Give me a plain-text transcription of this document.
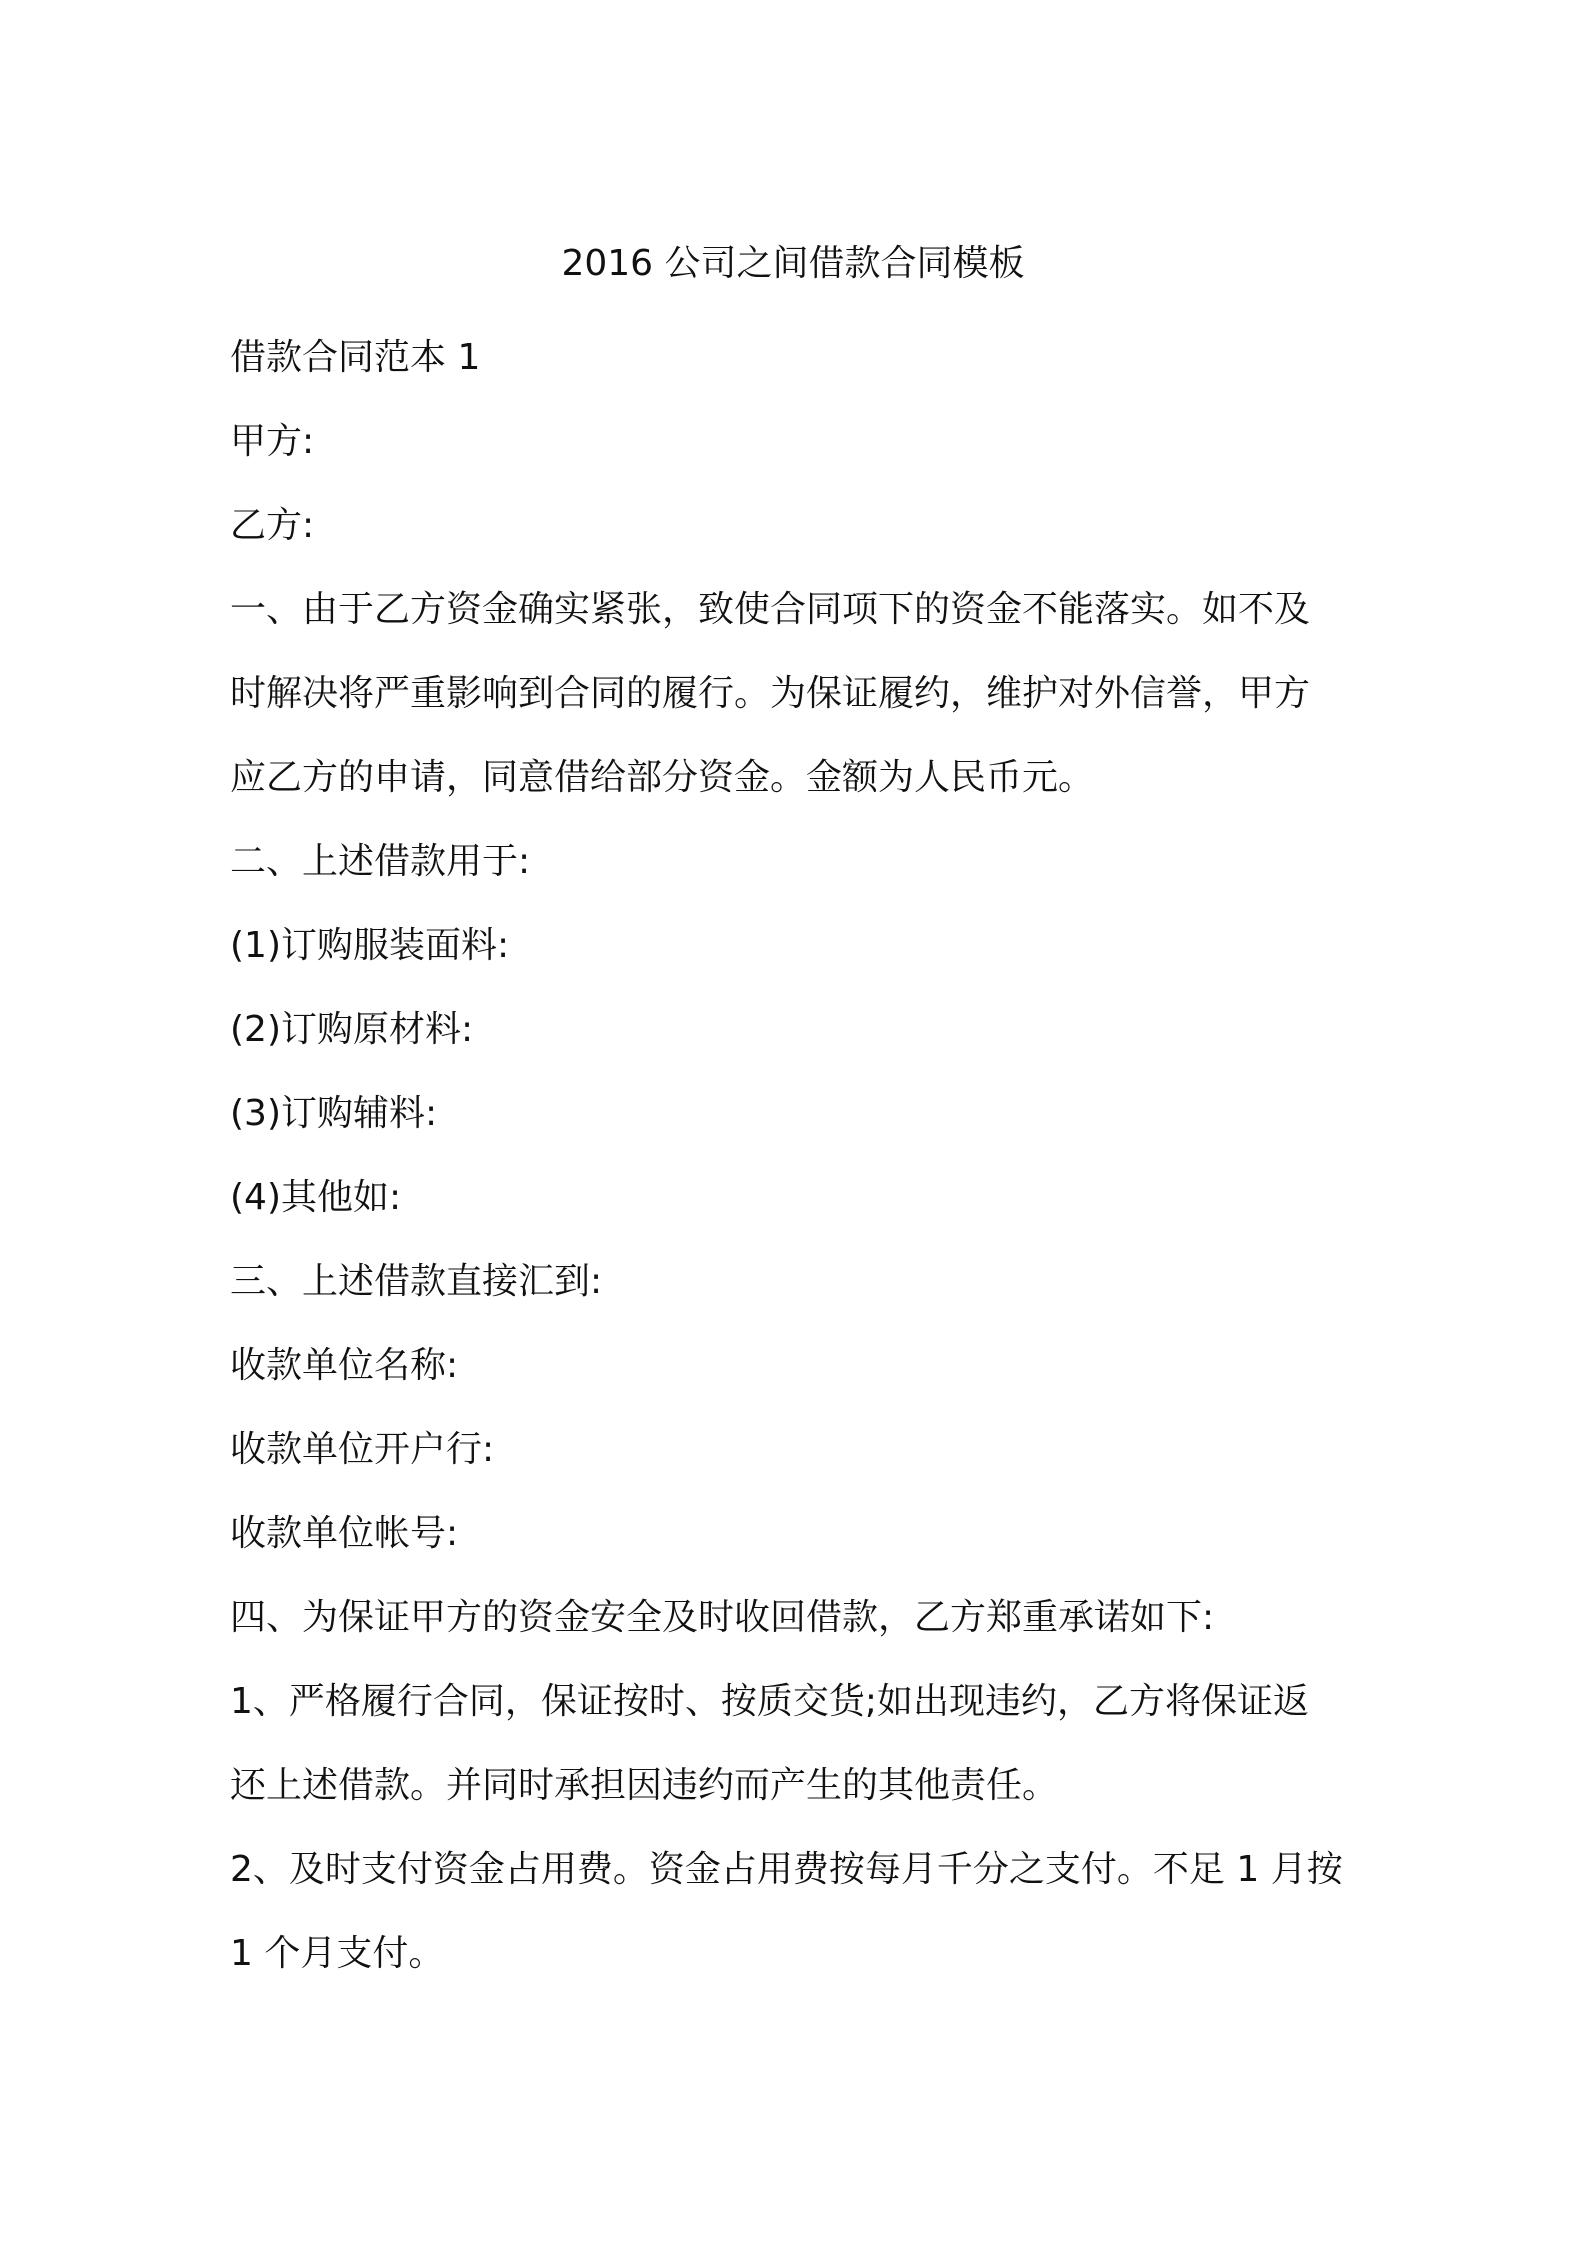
2016 公司之间借款合同模板
借款合同范本 1
甲方:
乙方:
一、由于乙方资金确实紧张，致使合同项下的资金不能落实。如不及
时解决将严重影响到合同的履行。为保证履约，维护对外信誉，甲方
应乙方的申请，同意借给部分资金。金额为人民币元。
二、上述借款用于:
(1)订购服装面料:
(2)订购原材料:
(3)订购辅料:
(4)其他如:
三、上述借款直接汇到:
收款单位名称:
收款单位开户行:
收款单位帐号:
四、为保证甲方的资金安全及时收回借款，乙方郑重承诺如下:
1、严格履行合同，保证按时、按质交货;如出现违约，乙方将保证返
还上述借款。并同时承担因违约而产生的其他责任。
2、及时支付资金占用费。资金占用费按每月千分之支付。不足 1 月按
1 个月支付。
